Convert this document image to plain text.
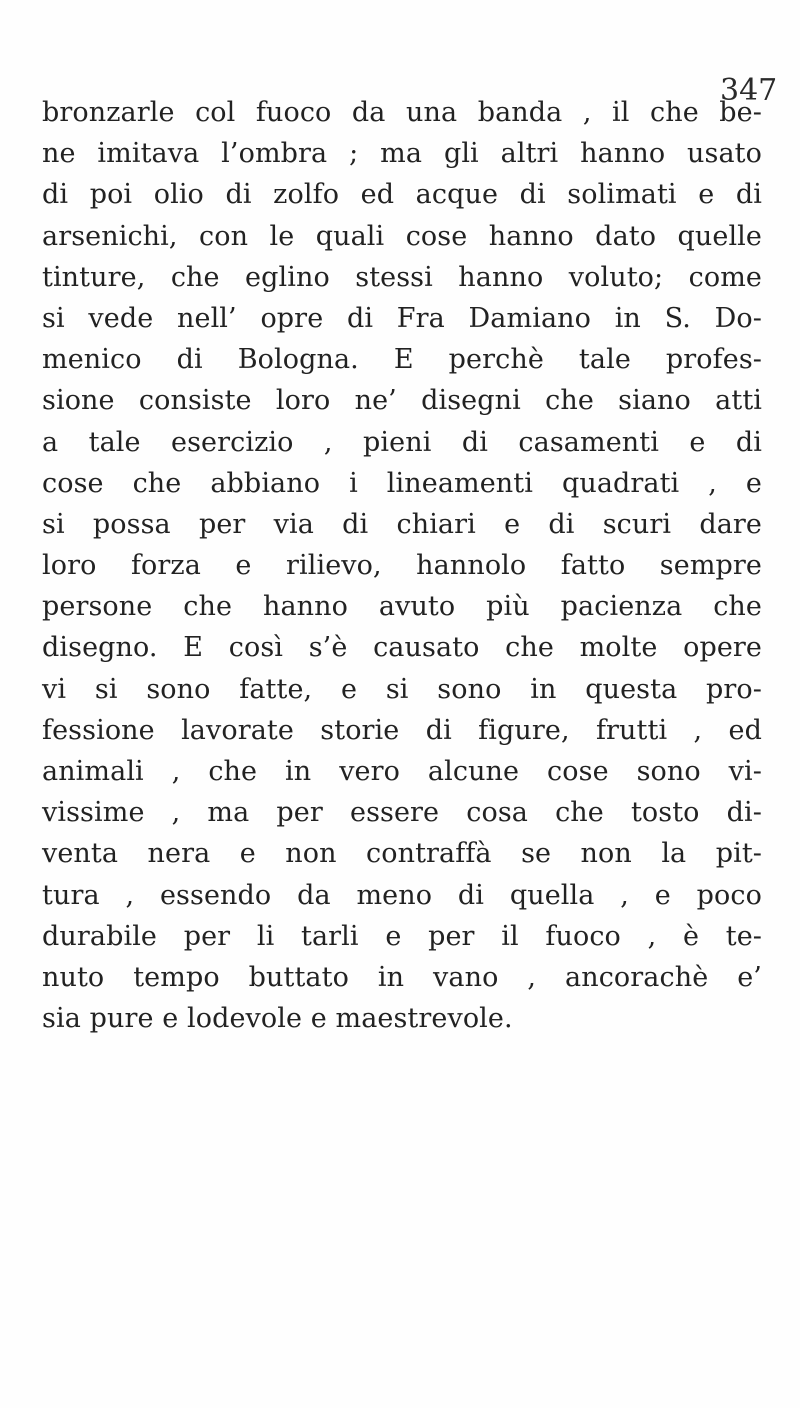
347
bronzarle col fuoco da una banda , il che be-
ne imitava l’ombra ; ma gli altri hanno usato
di poi olio di zolfo ed acque di solimati e di
arsenichi, con le quali cose hanno dato quelle
tinture, che eglino stessi hanno voluto; come
si vede nell’ opre di Fra Damiano in S. Do-
menico di Bologna. E perchè tale profes-
sione consiste loro ne’ disegni che siano atti
a tale esercizio , pieni di casamenti e di
cose che abbiano i lineamenti quadrati , e
si possa per via di chiari e di scuri dare
loro forza e rilievo, hannolo fatto sempre
persone che hanno avuto più pacienza che
disegno. E così s’è causato che molte opere
vi si sono fatte, e si sono in questa pro-
fessione lavorate storie di figure, frutti , ed
animali , che in vero alcune cose sono vi-
vissime , ma per essere cosa che tosto di-
venta nera e non contraffà se non la pit-
tura , essendo da meno di quella , e poco
durabile per li tarli e per il fuoco , è te-
nuto tempo buttato in vano , ancorachè e’
sia pure e lodevole e maestrevole.
